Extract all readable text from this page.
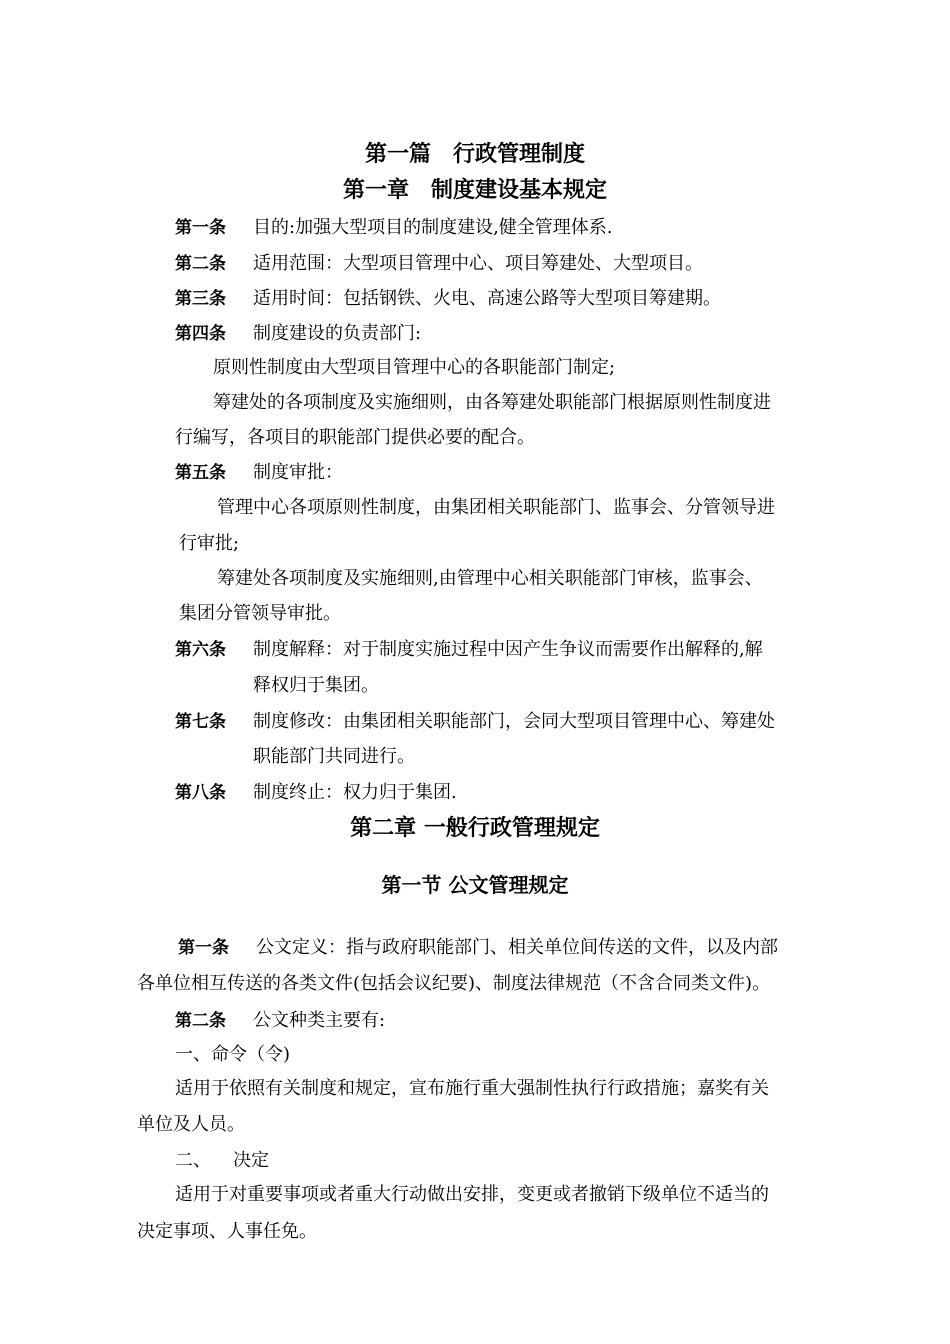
第一篇　行政管理制度
第一章　制度建设基本规定
第一条 目的:加强大型项目的制度建设,健全管理体系.
第二条 适用范围：大型项目管理中心、项目筹建处、大型项目。
第三条 适用时间：包括钢铁、火电、高速公路等大型项目筹建期。
第四条 制度建设的负责部门:
原则性制度由大型项目管理中心的各职能部门制定;
筹建处的各项制度及实施细则，由各筹建处职能部门根据原则性制度进
行编写，各项目的职能部门提供必要的配合。
第五条 制度审批：
管理中心各项原则性制度，由集团相关职能部门、监事会、分管领导进
行审批;
筹建处各项制度及实施细则,由管理中心相关职能部门审核，监事会、
集团分管领导审批。
第六条 制度解释：对于制度实施过程中因产生争议而需要作出解释的,解
释权归于集团。
第七条 制度修改：由集团相关职能部门，会同大型项目管理中心、筹建处
职能部门共同进行。
第八条 制度终止：权力归于集团.
第二章 一般行政管理规定
第一节 公文管理规定
第一条 公文定义：指与政府职能部门、相关单位间传送的文件，以及内部
各单位相互传送的各类文件(包括会议纪要)、制度法律规范（不含合同类文件)。
第二条 公文种类主要有:
一、命令（令)
适用于依照有关制度和规定，宣布施行重大强制性执行行政措施；嘉奖有关
单位及人员。
二、 决定
适用于对重要事项或者重大行动做出安排，变更或者撤销下级单位不适当的
决定事项、人事任免。
